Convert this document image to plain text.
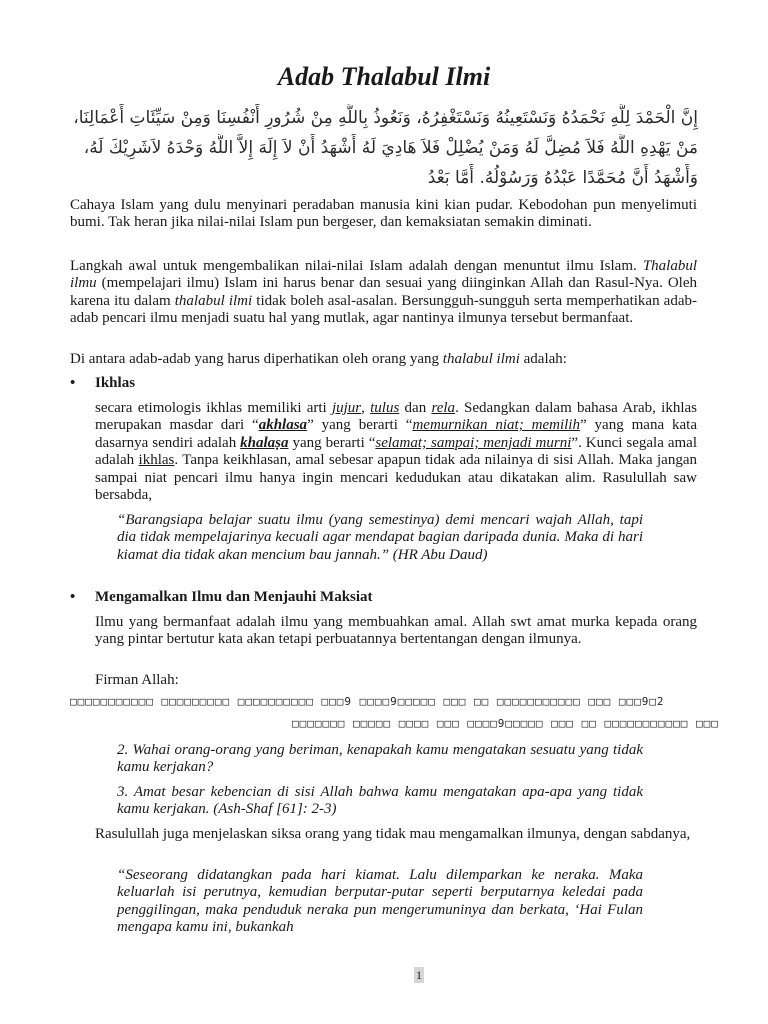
Adab Thalabul Ilmi
إِنَّ الْحَمْدَ لِلَّهِ نَحْمَدُهُ وَنَسْتَعِينُهُ وَنَسْتَغْفِرُهُ، وَنَعُوذُ بِاللَّهِ مِنْ شُرُورِ أَنْفُسِنَا وَمِنْ سَيِّئَاتِ أَعْمَالِنَا،
مَنْ يَهْدِهِ اللَّهُ فَلاَ مُضِلَّ لَهُ وَمَنْ يُضْلِلْ فَلاَ هَادِيَ لَهُ أَشْهَدُ أَنْ لاَ إِلَهَ إِلاَّ اللَّهُ وَحْدَهُ لاَشَرِيْكَ لَهُ،
وَأَشْهَدُ أَنَّ مُحَمَّدًا عَبْدُهُ وَرَسُوْلُهُ. أَمَّا بَعْدُ
Cahaya Islam yang dulu menyinari peradaban manusia kini kian pudar. Kebodohan pun menyelimuti bumi. Tak heran jika nilai-nilai Islam pun bergeser, dan kemaksiatan semakin diminati.
Langkah awal untuk mengembalikan nilai-nilai Islam adalah dengan menuntut ilmu Islam. Thalabul ilmu (mempelajari ilmu) Islam ini harus benar dan sesuai yang diinginkan Allah dan Rasul-Nya. Oleh karena itu dalam thalabul ilmi tidak boleh asal-asalan. Bersungguh-sungguh serta memperhatikan adab-adab pencari ilmu menjadi suatu hal yang mutlak, agar nantinya ilmunya tersebut bermanfaat.
Di antara adab-adab yang harus diperhatikan oleh orang yang thalabul ilmi adalah:
• Ikhlas
secara etimologis ikhlas memiliki arti jujur, tulus dan rela. Sedangkan dalam bahasa Arab, ikhlas merupakan masdar dari “akhlasa” yang berarti “memurnikan niat; memilih” yang mana kata dasarnya sendiri adalah khalaṣa yang berarti “selamat; sampai; menjadi murni”. Kunci segala amal adalah ikhlas. Tanpa keikhlasan, amal sebesar apapun tidak ada nilainya di sisi Allah. Maka jangan sampai niat pencari ilmu hanya ingin mencari kedudukan atau dikatakan alim. Rasulullah saw bersabda,
“Barangsiapa belajar suatu ilmu (yang semestinya) demi mencari wajah Allah, tapi dia tidak mempelajarinya kecuali agar mendapat bagian daripada dunia. Maka di hari kiamat dia tidak akan mencium bau jannah.” (HR Abu Daud)
• Mengamalkan Ilmu dan Menjauhi Maksiat
Ilmu yang bermanfaat adalah ilmu yang membuahkan amal. Allah swt amat murka kepada orang yang pintar bertutur kata akan tetapi perbuatannya bertentangan dengan ilmunya.
Firman Allah:
□□□□□□□□□□□ □□□□□□□□□ □□□□□□□□□□ □□□9 □□□□9□□□□□ □□□ □□ □□□□□□□□□□□ □□□ □□□9□2
□□□□□□□ □□□□□ □□□□ □□□ □□□□9□□□□□ □□□ □□ □□□□□□□□□□□ □□□
2. Wahai orang-orang yang beriman, kenapakah kamu mengatakan sesuatu yang tidak kamu kerjakan?
3. Amat besar kebencian di sisi Allah bahwa kamu mengatakan apa-apa yang tidak kamu kerjakan. (Ash-Shaf [61]: 2-3)
Rasulullah juga menjelaskan siksa orang yang tidak mau mengamalkan ilmunya, dengan sabdanya,
“Seseorang didatangkan pada hari kiamat. Lalu dilemparkan ke neraka. Maka keluarlah isi perutnya, kemudian berputar-putar seperti berputarnya keledai pada penggilingan, maka penduduk neraka pun mengerumuninya dan berkata, ‘Hai Fulan mengapa kamu ini, bukankah
1
